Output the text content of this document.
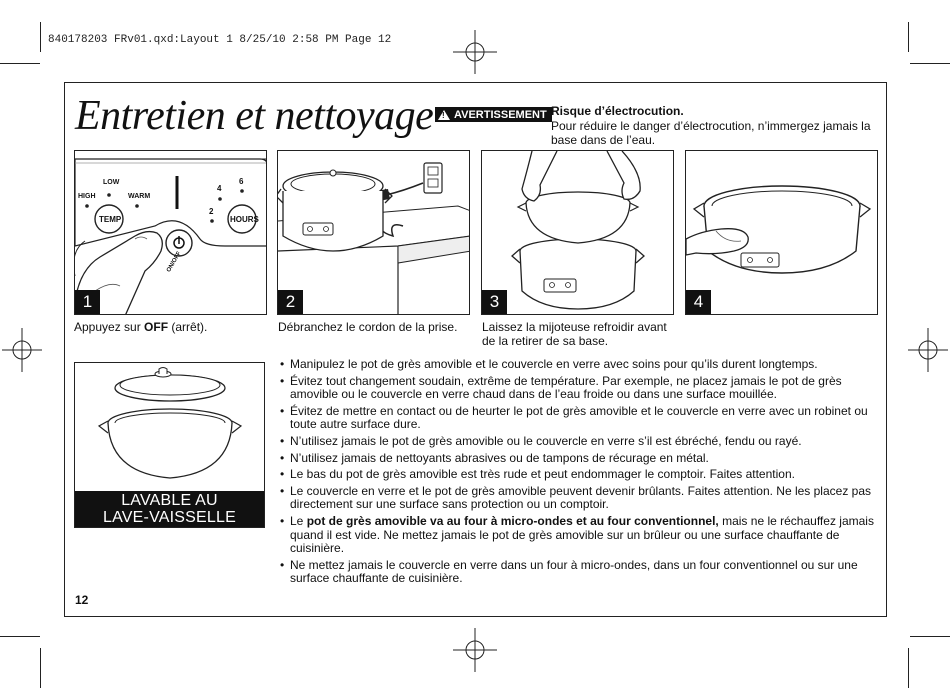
840178203 FRv01.qxd:Layout 1 8/25/10 2:58 PM Page 12
Entretien et nettoyage ! AVERTISSEMENT Risque d’électrocution.
Pour réduire le danger d’électrocution, n’immergez jamais la base dans de l’eau.
LOW
HIGH	WARM
TEMP	HOURS
4
6
2
ON/OFF
1	2	3	4
Appuyez sur OFF (arrêt).	Débranchez le cordon de la prise.	Laissez la mijoteuse refroidir avant de la retirer de sa base.
LAVABLE AU
LAVE-VAISSELLE
• Manipulez le pot de grès amovible et le couvercle en verre avec soins pour qu’ils durent longtemps.
• Évitez tout changement soudain, extrême de température. Par exemple, ne placez jamais le pot de grès amovible ou le couvercle en verre chaud dans de l’eau froide ou dans une surface mouillée.
• Évitez de mettre en contact ou de heurter le pot de grès amovible et le couvercle en verre avec un robinet ou toute autre surface dure.
• N’utilisez jamais le pot de grès amovible ou le couvercle en verre s’il est ébréché, fendu ou rayé.
• N’utilisez jamais de nettoyants abrasives ou de tampons de récurage en métal.
• Le bas du pot de grès amovible est très rude et peut endommager le comptoir. Faites attention.
• Le couvercle en verre et le pot de grès amovible peuvent devenir brûlants. Faites attention. Ne les placez pas directement sur une surface sans protection ou un comptoir.
• Le pot de grès amovible va au four à micro-ondes et au four conventionnel, mais ne le réchauffez jamais quand il est vide. Ne mettez jamais le pot de grès amovible sur un brûleur ou une surface chauffante de cuisinière.
• Ne mettez jamais le couvercle en verre dans un four à micro-ondes, dans un four conventionnel ou sur une surface chauffante de cuisinière.
12
